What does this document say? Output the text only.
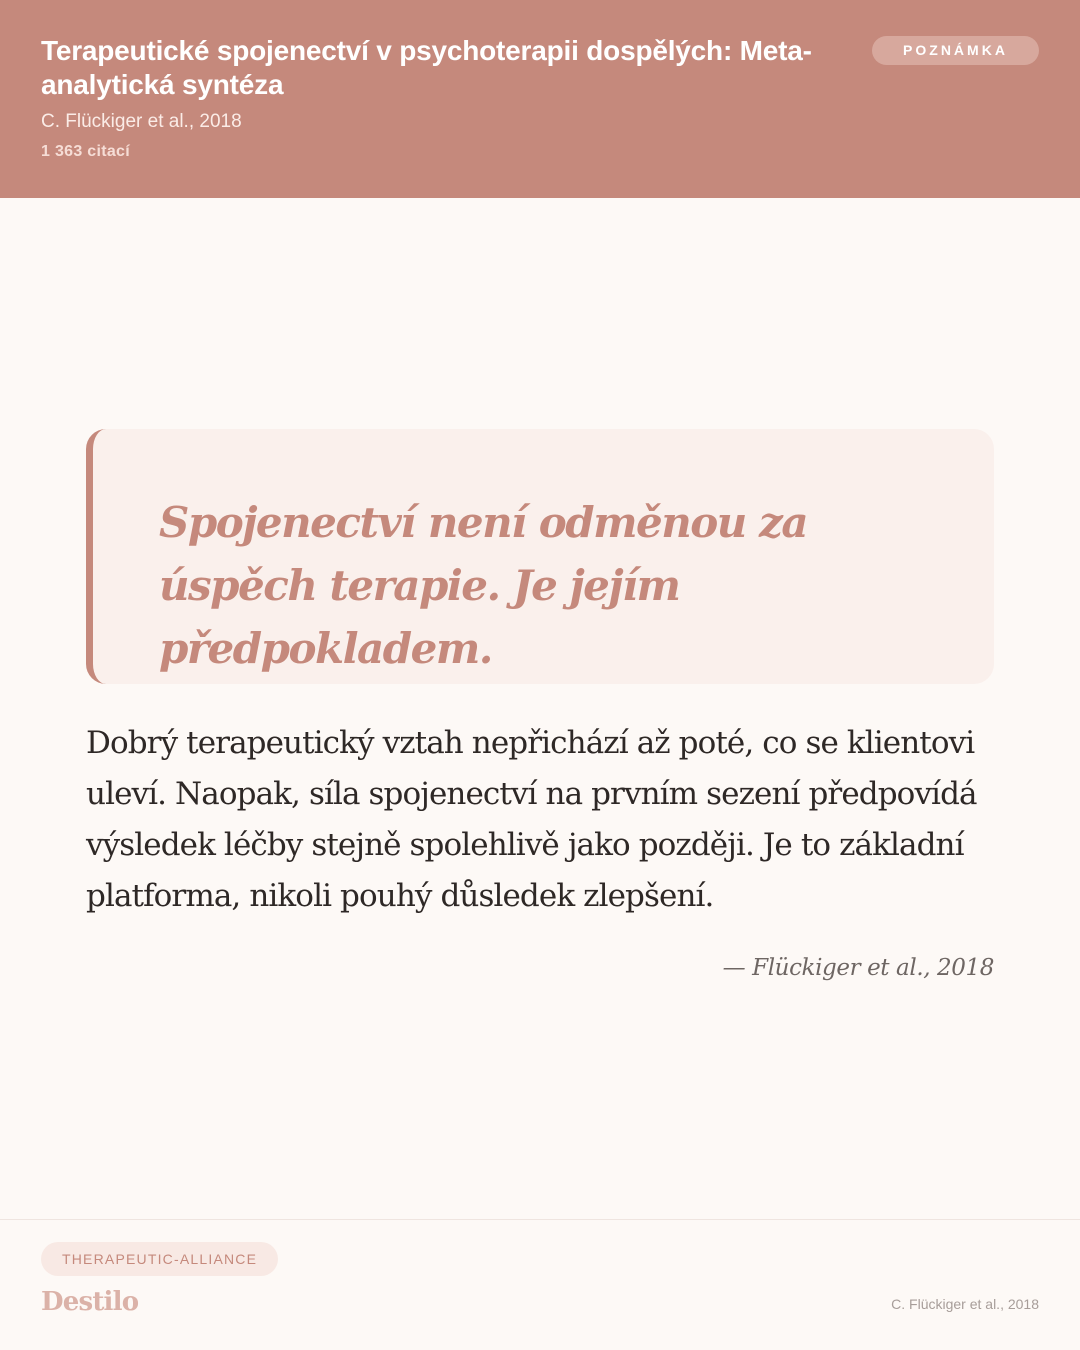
Terapeutické spojenectví v psychoterapii dospělých: Meta-analytická syntéza
C. Flückiger et al., 2018
1 363 citací
POZNÁMKA

Spojenectví není odměnou za úspěch terapie. Je jejím předpokladem.

Dobrý terapeutický vztah nepřichází až poté, co se klientovi uleví. Naopak, síla spojenectví na prvním sezení předpovídá výsledek léčby stejně spolehlivě jako později. Je to základní platforma, nikoli pouhý důsledek zlepšení.

— Flückiger et al., 2018
THERAPEUTIC-ALLIANCE
Destilo	C. Flückiger et al., 2018
